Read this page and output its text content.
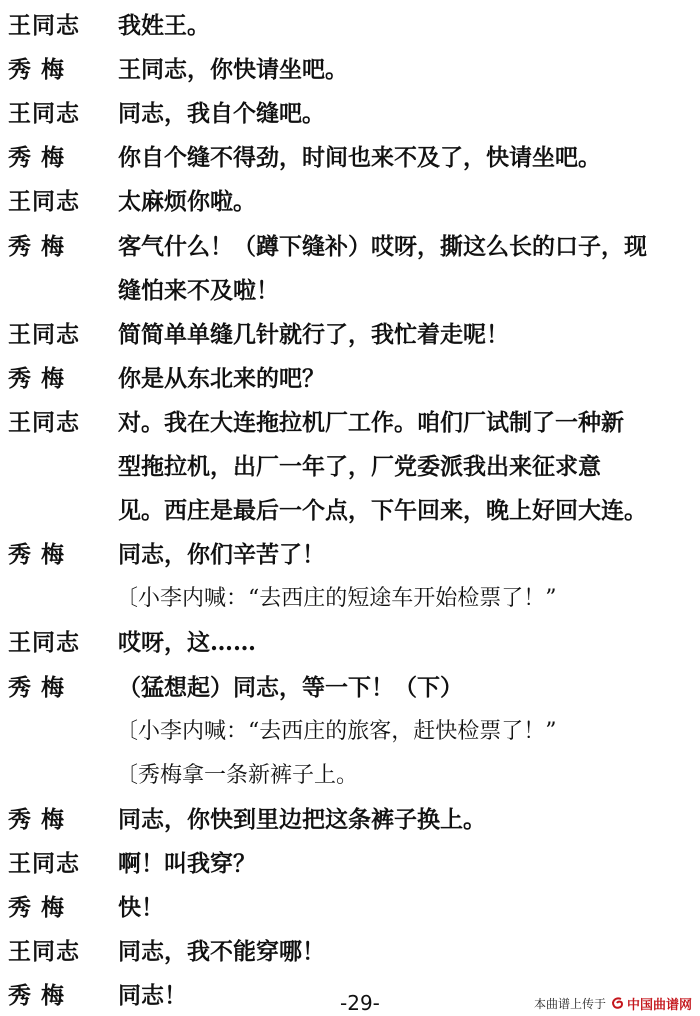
王同志	我姓王。
秀 梅	王同志，你快请坐吧。
王同志	同志，我自个缝吧。
秀 梅	你自个缝不得劲，时间也来不及了，快请坐吧。
王同志	太麻烦你啦。
秀 梅	客气什么！（蹲下缝补）哎呀，撕这么长的口子，现
缝怕来不及啦！
王同志	简简单单缝几针就行了，我忙着走呢！
秀 梅	你是从东北来的吧？
王同志	对。我在大连拖拉机厂工作。咱们厂试制了一种新
型拖拉机，出厂一年了，厂党委派我出来征求意
见。西庄是最后一个点，下午回来，晚上好回大连。
秀 梅	同志，你们辛苦了！
〔小李内喊：“去西庄的短途车开始检票了！”
王同志	哎呀，这……
秀 梅	（猛想起）同志，等一下！（下）
〔小李内喊：“去西庄的旅客，赶快检票了！”
〔秀梅拿一条新裤子上。
秀 梅	同志，你快到里边把这条裤子换上。
王同志	啊！叫我穿？
秀 梅	快！
王同志	同志，我不能穿哪！
秀 梅	同志！	-29-	本曲谱上传于 中国曲谱网
